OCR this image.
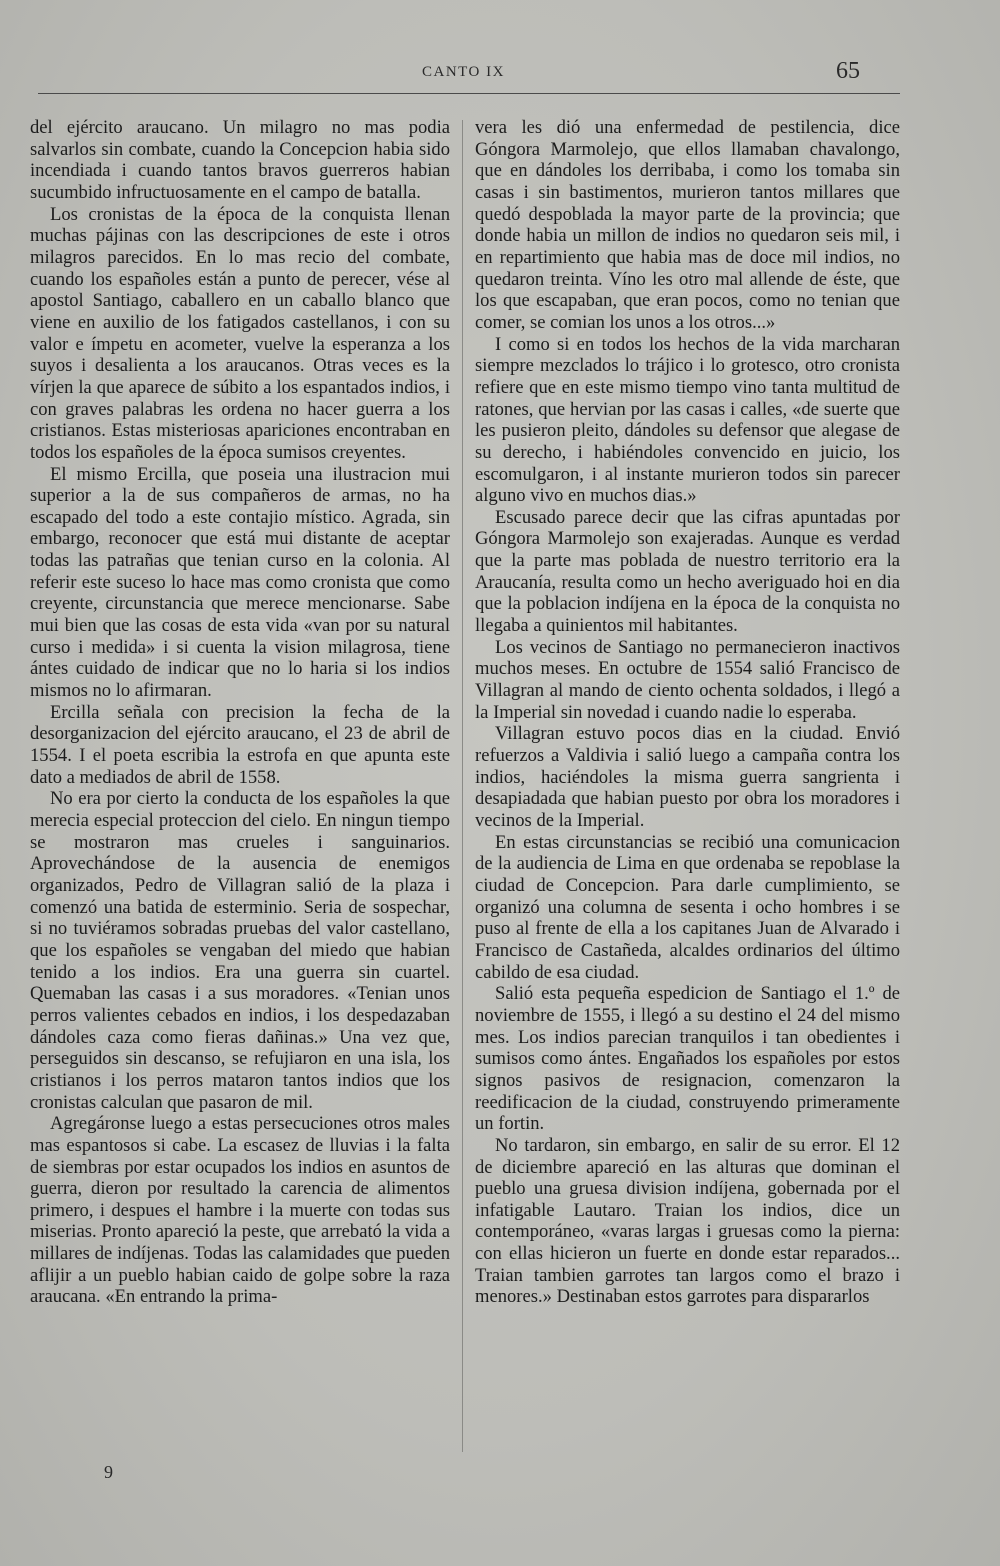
CANTO IX	65

del ejército araucano. Un milagro no mas podia salvarlos sin combate, cuando la Concepcion habia sido incendiada i cuando tantos bravos guerreros habian sucumbido infructuosamente en el campo de batalla.

Los cronistas de la época de la conquista llenan muchas pájinas con las descripciones de este i otros milagros parecidos. En lo mas recio del combate, cuando los españoles están a punto de perecer, vése al apostol Santiago, caballero en un caballo blanco que viene en auxilio de los fatigados castellanos, i con su valor e ímpetu en acometer, vuelve la esperanza a los suyos i desalienta a los araucanos. Otras veces es la vírjen la que aparece de súbito a los espantados indios, i con graves palabras les ordena no hacer guerra a los cristianos. Estas misteriosas apariciones encontraban en todos los españoles de la época sumisos creyentes.

El mismo Ercilla, que poseia una ilustracion mui superior a la de sus compañeros de armas, no ha escapado del todo a este contajio místico. Agrada, sin embargo, reconocer que está mui distante de aceptar todas las patrañas que tenian curso en la colonia. Al referir este suceso lo hace mas como cronista que como creyente, circunstancia que merece mencionarse. Sabe mui bien que las cosas de esta vida «van por su natural curso i medida» i si cuenta la vision milagrosa, tiene ántes cuidado de indicar que no lo haria si los indios mismos no lo afirmaran.

Ercilla señala con precision la fecha de la desorganizacion del ejército araucano, el 23 de abril de 1554. I el poeta escribia la estrofa en que apunta este dato a mediados de abril de 1558.

No era por cierto la conducta de los españoles la que merecia especial proteccion del cielo. En ningun tiempo se mostraron mas crueles i sanguinarios. Aprovechándose de la ausencia de enemigos organizados, Pedro de Villagran salió de la plaza i comenzó una batida de esterminio. Seria de sospechar, si no tuviéramos sobradas pruebas del valor castellano, que los españoles se vengaban del miedo que habian tenido a los indios. Era una guerra sin cuartel. Quemaban las casas i a sus moradores. «Tenian unos perros valientes cebados en indios, i los despedazaban dándoles caza como fieras dañinas.» Una vez que, perseguidos sin descanso, se refujiaron en una isla, los cristianos i los perros mataron tantos indios que los cronistas calculan que pasaron de mil.

Agregáronse luego a estas persecuciones otros males mas espantosos si cabe. La escasez de lluvias i la falta de siembras por estar ocupados los indios en asuntos de guerra, dieron por resultado la carencia de alimentos primero, i despues el hambre i la muerte con todas sus miserias. Pronto apareció la peste, que arrebató la vida a millares de indíjenas. Todas las calamidades que pueden aflijir a un pueblo habian caido de golpe sobre la raza araucana. «En entrando la prima-

vera les dió una enfermedad de pestilencia, dice Góngora Marmolejo, que ellos llamaban chavalongo, que en dándoles los derribaba, i como los tomaba sin casas i sin bastimentos, murieron tantos millares que quedó despoblada la mayor parte de la provincia; que donde habia un millon de indios no quedaron seis mil, i en repartimiento que habia mas de doce mil indios, no quedaron treinta. Víno les otro mal allende de éste, que los que escapaban, que eran pocos, como no tenian que comer, se comian los unos a los otros...»

I como si en todos los hechos de la vida marcharan siempre mezclados lo trájico i lo grotesco, otro cronista refiere que en este mismo tiempo vino tanta multitud de ratones, que hervian por las casas i calles, «de suerte que les pusieron pleito, dándoles su defensor que alegase de su derecho, i habiéndoles convencido en juicio, los escomulgaron, i al instante murieron todos sin parecer alguno vivo en muchos dias.»

Escusado parece decir que las cifras apuntadas por Góngora Marmolejo son exajeradas. Aunque es verdad que la parte mas poblada de nuestro territorio era la Araucanía, resulta como un hecho averiguado hoi en dia que la poblacion indíjena en la época de la conquista no llegaba a quinientos mil habitantes.

Los vecinos de Santiago no permanecieron inactivos muchos meses. En octubre de 1554 salió Francisco de Villagran al mando de ciento ochenta soldados, i llegó a la Imperial sin novedad i cuando nadie lo esperaba.

Villagran estuvo pocos dias en la ciudad. Envió refuerzos a Valdivia i salió luego a campaña contra los indios, haciéndoles la misma guerra sangrienta i desapiadada que habian puesto por obra los moradores i vecinos de la Imperial.

En estas circunstancias se recibió una comunicacion de la audiencia de Lima en que ordenaba se repoblase la ciudad de Concepcion. Para darle cumplimiento, se organizó una columna de sesenta i ocho hombres i se puso al frente de ella a los capitanes Juan de Alvarado i Francisco de Castañeda, alcaldes ordinarios del último cabildo de esa ciudad.

Salió esta pequeña espedicion de Santiago el 1.º de noviembre de 1555, i llegó a su destino el 24 del mismo mes. Los indios parecian tranquilos i tan obedientes i sumisos como ántes. Engañados los españoles por estos signos pasivos de resignacion, comenzaron la reedificacion de la ciudad, construyendo primeramente un fortin.

No tardaron, sin embargo, en salir de su error. El 12 de diciembre apareció en las alturas que dominan el pueblo una gruesa division indíjena, gobernada por el infatigable Lautaro. Traian los indios, dice un contemporáneo, «varas largas i gruesas como la pierna: con ellas hicieron un fuerte en donde estar reparados... Traian tambien garrotes tan largos como el brazo i menores.» Destinaban estos garrotes para dispararlos

9
